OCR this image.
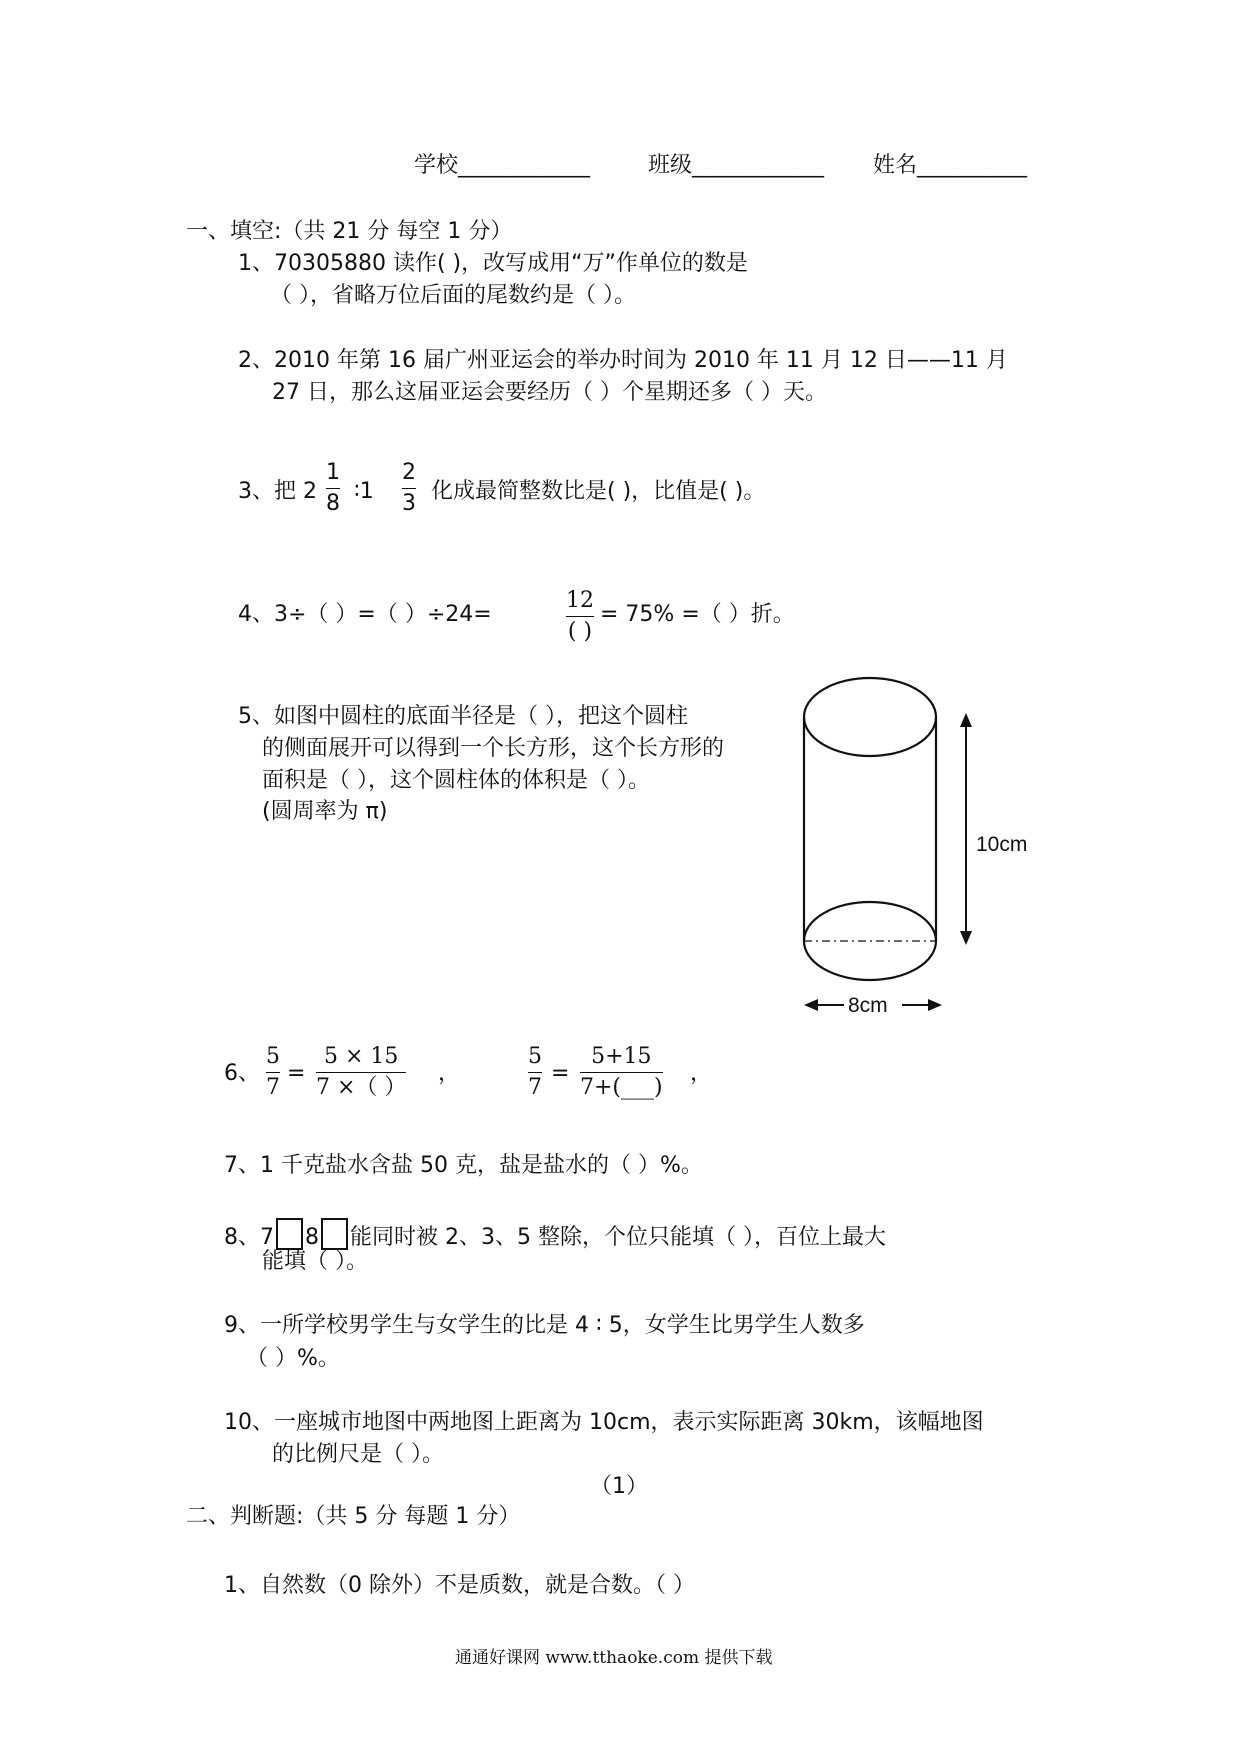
学校____________	班级____________ 姓名__________
一、填空:（共 21 分 每空 1 分）
1、70305880 读作( )，改写成用“万”作单位的数是
（ ），省略万位后面的尾数约是（ ）。
2、2010 年第 16 届广州亚运会的举办时间为 2010 年 11 月 12 日——11 月
27 日，那么这届亚运会要经历（ ）个星期还多（ ）天。
3、把 2
1
8 ∶1
2
3 化成最简整数比是( )，比值是( )。
4、3÷（ ）=（ ）÷24=
12
( )
= 75% =（ ）折。
5、如图中圆柱的底面半径是（ ），把这个圆柱
的侧面展开可以得到一个长方形，这个长方形的
面积是（ ），这个圆柱体的体积是（ ）。
(圆周率为 π)
10cm
8cm
6、
5
7
=
5 × 15
7 ×（ ）
，
5
7
=
5+15
7+(___)
，
7、1 千克盐水含盐 50 克，盐是盐水的（ ）%。
8、7 8 能同时被 2、3、5 整除，个位只能填（ ），百位上最大
能填（ ）。
9、一所学校男学生与女学生的比是 4 ∶ 5，女学生比男学生人数多
（ ）%。
10、一座城市地图中两地图上距离为 10cm，表示实际距离 30km，该幅地图
的比例尺是（ ）。
（1）
二、判断题:（共 5 分 每题 1 分）
1、自然数（0 除外）不是质数，就是合数。（ ）
通通好课网 www.tthaoke.com 提供下载
